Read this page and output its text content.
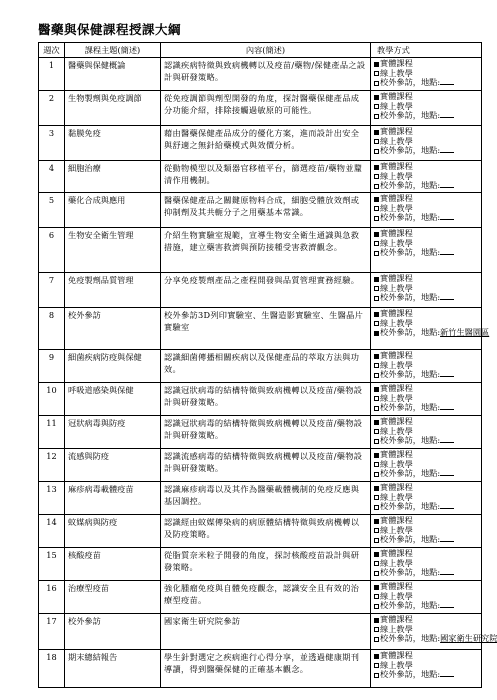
醫藥與保健課程授課大綱
週次	課程主題(簡述)	內容(簡述)	教學方式
1	醫藥與保健概論	認識疾病特徵與致病機轉以及疫苗/藥物/保健產品之設計與研發策略。	實體課程
線上教學
校外參訪，地點:

2	生物製劑與免疫調節	從免疫調節與劑型開發的角度，探討醫藥保健產品成分功能介紹，排除接觸過敏原的可能性。	實體課程
線上教學
校外參訪，地點:

3	黏膜免疫	藉由醫藥保健產品成分的優化方案，進而設計出安全與舒適之無針給藥模式與效價分析。	實體課程
線上教學
校外參訪，地點:

4	細胞治療	從動物模型以及類器官移植平台，篩選疫苗/藥物並釐清作用機制。	實體課程
線上教學
校外參訪，地點:

5	藥化合成與應用	醫藥保健產品之關鍵原物料合成，細胞受體放效劑或抑制劑及其共軛分子之用藥基本常識。	實體課程
線上教學
校外參訪，地點:

6	生物安全衛生管理	介紹生物實驗室規範，宣導生物安全衛生通識與急救措施，建立藥害救濟與預防接種受害救濟觀念。	實體課程
線上教學
校外參訪，地點:

7	免疫製劑品質管理	分享免疫製劑產品之產程開發與品質管理實務經驗。	實體課程
線上教學
校外參訪，地點:

8	校外參訪	校外參訪3D列印實驗室、生醫造影實驗室、生醫晶片實驗室	實體課程
線上教學
校外參訪，地點:新竹生醫園區

9	細菌疾病防疫與保健	認識細菌傳播相關疾病以及保健產品的萃取方法與功效。	實體課程
線上教學
校外參訪，地點:

10	呼吸道感染與保健	認識冠狀病毒的結構特徵與致病機轉以及疫苗/藥物設計與研發策略。	實體課程
線上教學
校外參訪，地點:

11	冠狀病毒與防疫	認識冠狀病毒的結構特徵與致病機轉以及疫苗/藥物設計與研發策略。	實體課程
線上教學
校外參訪，地點:

12	流感與防疫	認識流感病毒的結構特徵與致病機轉以及疫苗/藥物設計與研發策略。	實體課程
線上教學
校外參訪，地點:

13	麻疹病毒載體疫苗	認識麻疹病毒以及其作為醫藥載體機制的免疫反應與基因調控。	實體課程
線上教學
校外參訪，地點:

14	蚊媒病與防疫	認識經由蚊媒傳染病的病原體結構特徵與致病機轉以及防疫策略。	實體課程
線上教學
校外參訪，地點:

15	核酸疫苗	從脂質奈米粒子開發的角度，探討核酸疫苗設計與研發策略。	實體課程
線上教學
校外參訪，地點:

16	治療型疫苗	強化腫瘤免疫與自體免疫觀念，認識安全且有效的治療型疫苗。	實體課程
線上教學
校外參訪，地點:

17	校外參訪	國家衛生研究院參訪	實體課程
線上教學
校外參訪，地點:國家衛生研究院

18	期末總結報告	學生針對選定之疾病進行心得分享，並透過健康期刊導讀，得到醫藥保健的正確基本觀念。	實體課程
線上教學
校外參訪，地點:
